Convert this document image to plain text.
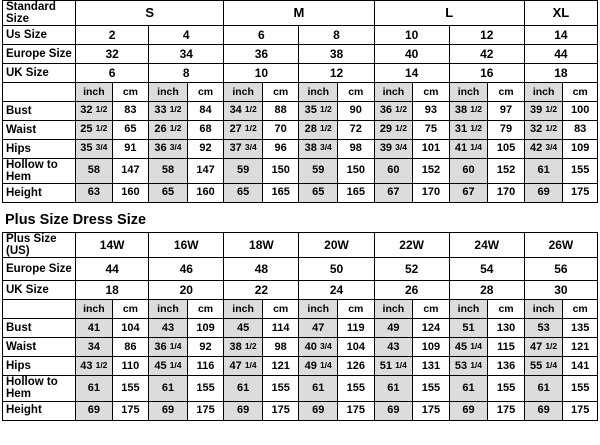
Standard Size	S				M				L				XL	
Us Size	2		4		6		8		10		12		14	
Europe Size	32		34		36		38		40		42		44	
UK Size	6		8		10		12		14		16		18	
	inch	cm	inch	cm	inch	cm	inch	cm	inch	cm	inch	cm	inch	cm
Bust	32 1/2	83	33 1/2	84	34 1/2	88	35 1/2	90	36 1/2	93	38 1/2	97	39 1/2	100
Waist	25 1/2	65	26 1/2	68	27 1/2	70	28 1/2	72	29 1/2	75	31 1/2	79	32 1/2	83
Hips	35 3/4	91	36 3/4	92	37 3/4	96	38 3/4	98	39 3/4	101	41 1/4	105	42 3/4	109
Hollow to Hem	58	147	58	147	59	150	59	150	60	152	60	152	61	155
Height	63	160	65	160	65	165	65	165	67	170	67	170	69	175
Plus Size Dress Size
Plus Size (US)	14W		16W		18W		20W		22W		24W		26W	
Europe Size	44		46		48		50		52		54		56	
UK Size	18		20		22		24		26		28		30	
	inch	cm	inch	cm	inch	cm	inch	cm	inch	cm	inch	cm	inch	cm
Bust	41	104	43	109	45	114	47	119	49	124	51	130	53	135
Waist	34	86	36 1/4	92	38 1/2	98	40 3/4	104	43	109	45 1/4	115	47 1/2	121
Hips	43 1/2	110	45 1/4	116	47 1/4	121	49 1/4	126	51 1/4	131	53 1/4	136	55 1/4	141
Hollow to Hem	61	155	61	155	61	155	61	155	61	155	61	155	61	155
Height	69	175	69	175	69	175	69	175	69	175	69	175	69	175
